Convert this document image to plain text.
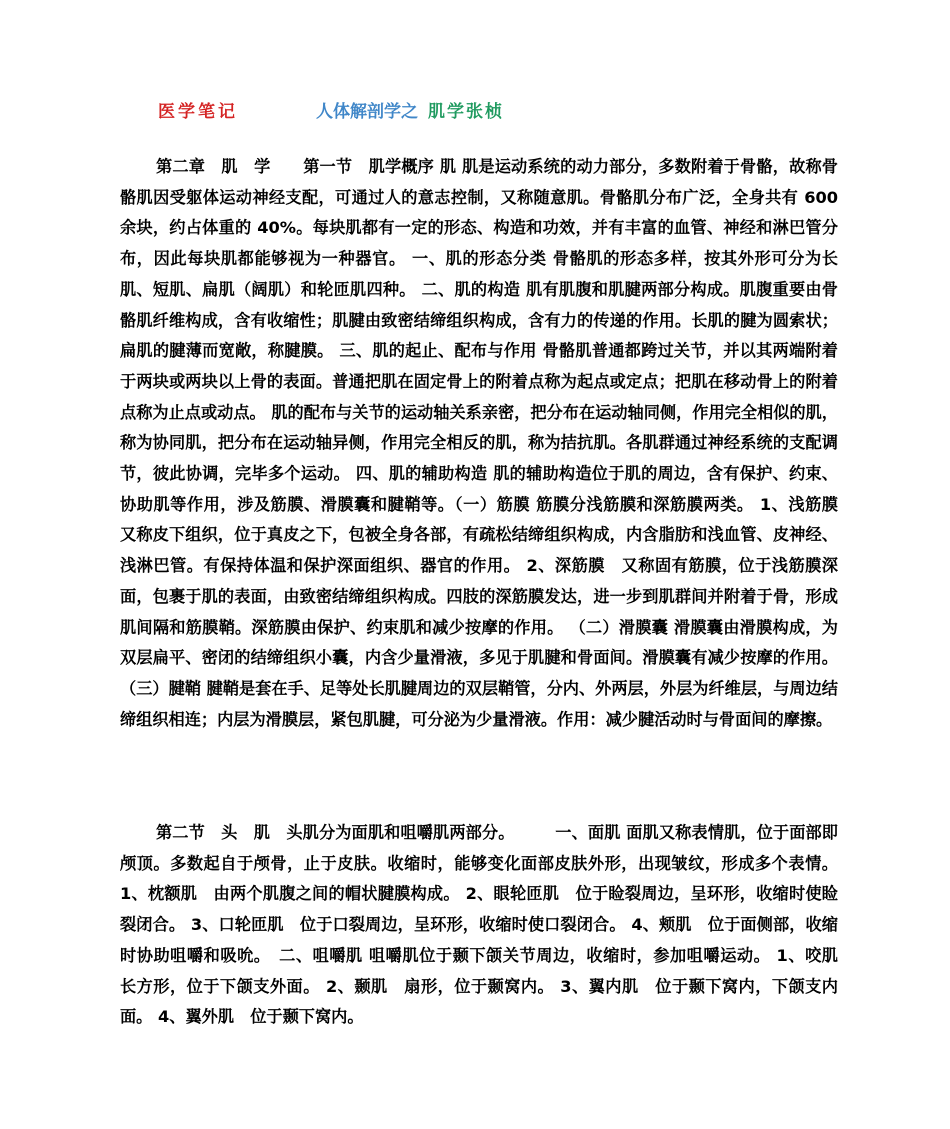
医学笔记	人体解剖学之 肌学张桢

第二章　肌　学　　第一节　肌学概序 肌 肌是运动系统的动力部分，多数附着于骨骼，故称骨骼肌因受躯体运动神经支配，可通过人的意志控制，又称随意肌。骨骼肌分布广泛，全身共有 600 余块，约占体重的 40%。每块肌都有一定的形态、构造和功效，并有丰富的血管、神经和淋巴管分布，因此每块肌都能够视为一种器官。 一、肌的形态分类 骨骼肌的形态多样，按其外形可分为长肌、短肌、扁肌（阔肌）和轮匝肌四种。 二、肌的构造 肌有肌腹和肌腱两部分构成。肌腹重要由骨骼肌纤维构成，含有收缩性；肌腱由致密结缔组织构成，含有力的传递的作用。长肌的腱为圆索状；扁肌的腱薄而宽敞，称腱膜。 三、肌的起止、配布与作用 骨骼肌普通都跨过关节，并以其两端附着于两块或两块以上骨的表面。普通把肌在固定骨上的附着点称为起点或定点；把肌在移动骨上的附着点称为止点或动点。 肌的配布与关节的运动轴关系亲密，把分布在运动轴同侧，作用完全相似的肌，称为协同肌，把分布在运动轴异侧，作用完全相反的肌，称为拮抗肌。各肌群通过神经系统的支配调节，彼此协调，完毕多个运动。 四、肌的辅助构造 肌的辅助构造位于肌的周边，含有保护、约束、协助肌等作用，涉及筋膜、滑膜囊和腱鞘等。（一）筋膜 筋膜分浅筋膜和深筋膜两类。 1、浅筋膜　又称皮下组织，位于真皮之下，包被全身各部，有疏松结缔组织构成，内含脂肪和浅血管、皮神经、浅淋巴管。有保持体温和保护深面组织、器官的作用。 2、深筋膜　又称固有筋膜，位于浅筋膜深面，包裹于肌的表面，由致密结缔组织构成。四肢的深筋膜发达，进一步到肌群间并附着于骨，形成肌间隔和筋膜鞘。深筋膜由保护、约束肌和减少按摩的作用。 （二）滑膜囊 滑膜囊由滑膜构成，为双层扁平、密闭的结缔组织小囊，内含少量滑液，多见于肌腱和骨面间。滑膜囊有减少按摩的作用。 （三）腱鞘 腱鞘是套在手、足等处长肌腱周边的双层鞘管，分内、外两层，外层为纤维层，与周边结缔组织相连；内层为滑膜层，紧包肌腱，可分泌为少量滑液。作用：减少腱活动时与骨面间的摩擦。

第二节　头　肌　头肌分为面肌和咀嚼肌两部分。　　　一、面肌 面肌又称表情肌，位于面部即颅顶。多数起自于颅骨，止于皮肤。收缩时，能够变化面部皮肤外形，出现皱纹，形成多个表情。 1、枕额肌　由两个肌腹之间的帽状腱膜构成。 2、眼轮匝肌　位于睑裂周边，呈环形，收缩时使睑裂闭合。 3、口轮匝肌　位于口裂周边，呈环形，收缩时使口裂闭合。 4、颊肌　位于面侧部，收缩时协助咀嚼和吸吮。　二、咀嚼肌 咀嚼肌位于颞下颌关节周边，收缩时，参加咀嚼运动。 1、咬肌　长方形，位于下颌支外面。 2、颞肌　扇形，位于颞窝内。 3、翼内肌　位于颞下窝内，下颌支内面。 4、翼外肌　位于颞下窝内。
